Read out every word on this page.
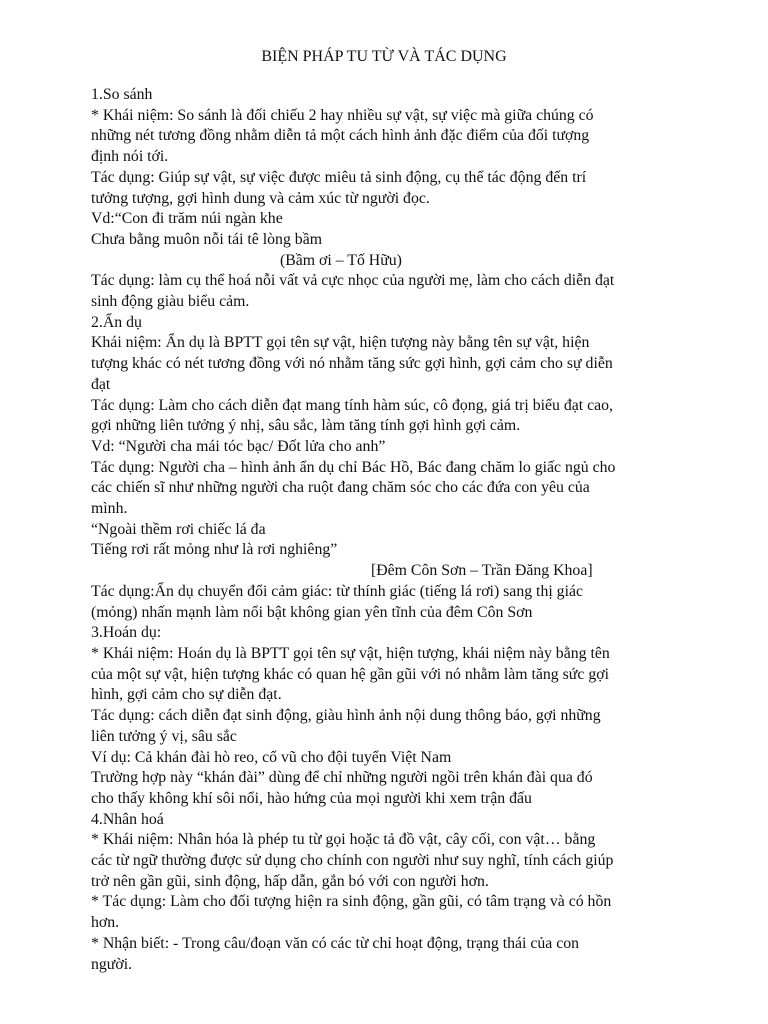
BIỆN PHÁP TU TỪ VÀ TÁC DỤNG
1.So sánh
* Khái niệm: So sánh là đối chiếu 2 hay nhiều sự vật, sự việc mà giữa chúng có
những nét tương đồng nhằm diễn tả một cách hình ảnh đặc điểm của đối tượng
định nói tới.
Tác dụng: Giúp sự vật, sự việc được miêu tả sinh động, cụ thể tác động đến trí
tưởng tượng, gợi hình dung và cảm xúc từ người đọc.
Vd:“Con đi trăm núi ngàn khe
Chưa bằng muôn nỗi tái tê lòng bầm
(Bầm ơi – Tố Hữu)
Tác dụng: làm cụ thể hoá nỗi vất vả cực nhọc của người mẹ, làm cho cách diễn đạt
sinh động giàu biểu cảm.
2.Ẩn dụ
Khái niệm: Ẩn dụ là BPTT gọi tên sự vật, hiện tượng này bằng tên sự vật, hiện
tượng khác có nét tương đồng với nó nhằm tăng sức gợi hình, gợi cảm cho sự diễn
đạt
Tác dụng: Làm cho cách diễn đạt mang tính hàm súc, cô đọng, giá trị biểu đạt cao,
gợi những liên tưởng ý nhị, sâu sắc, làm tăng tính gợi hình gợi cảm.
Vd: “Người cha mái tóc bạc/ Đốt lửa cho anh”
Tác dụng: Người cha – hình ảnh ẩn dụ chỉ Bác Hồ, Bác đang chăm lo giấc ngủ cho
các chiến sĩ như những người cha ruột đang chăm sóc cho các đứa con yêu của
mình.
“Ngoài thềm rơi chiếc lá đa
Tiếng rơi rất mỏng như là rơi nghiêng”
[Đêm Côn Sơn – Trần Đăng Khoa]
Tác dụng:Ẩn dụ chuyển đổi cảm giác: từ thính giác (tiếng lá rơi) sang thị giác
(mỏng) nhấn mạnh làm nổi bật không gian yên tĩnh của đêm Côn Sơn
3.Hoán dụ:
* Khái niệm: Hoán dụ là BPTT gọi tên sự vật, hiện tượng, khái niệm này bằng tên
của một sự vật, hiện tượng khác có quan hệ gần gũi với nó nhằm làm tăng sức gợi
hình, gợi cảm cho sự diễn đạt.
Tác dụng: cách diễn đạt sinh động, giàu hình ảnh nội dung thông báo, gợi những
liên tưởng ý vị, sâu sắc
Ví dụ: Cả khán đài hò reo, cổ vũ cho đội tuyển Việt Nam
Trường hợp này “khán đài” dùng để chỉ những người ngồi trên khán đài qua đó
cho thấy không khí sôi nổi, hào hứng của mọi người khi xem trận đấu
4.Nhân hoá
* Khái niệm: Nhân hóa là phép tu từ gọi hoặc tả đồ vật, cây cối, con vật… bằng
các từ ngữ thường được sử dụng cho chính con người như suy nghĩ, tính cách giúp
trở nên gần gũi, sinh động, hấp dẫn, gắn bó với con người hơn.
* Tác dụng: Làm cho đối tượng hiện ra sinh động, gần gũi, có tâm trạng và có hồn
hơn.
* Nhận biết: - Trong câu/đoạn văn có các từ chỉ hoạt động, trạng thái của con
người.
